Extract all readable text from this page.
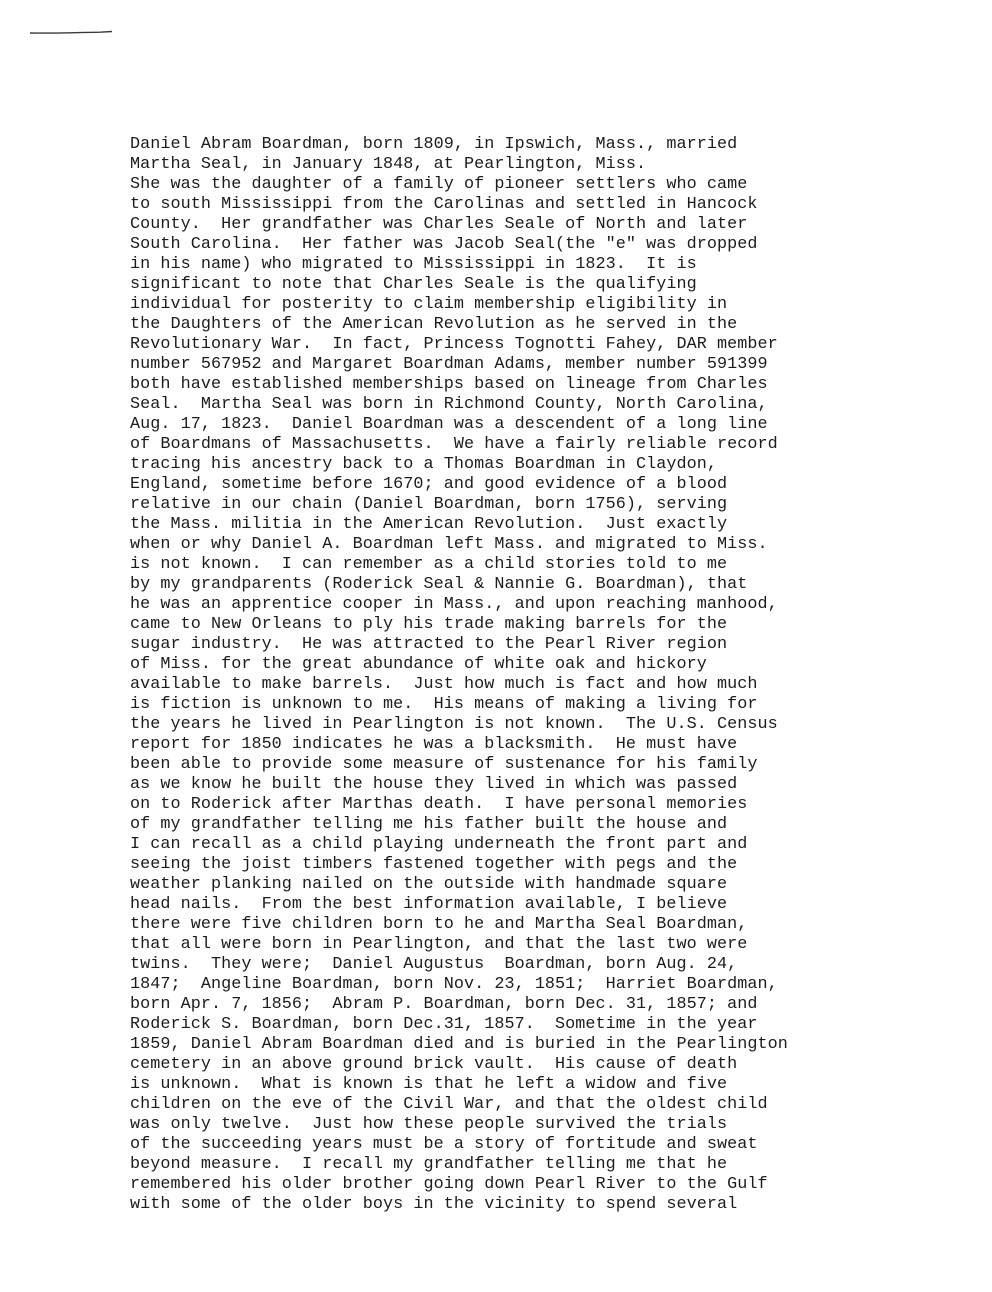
Daniel Abram Boardman, born 1809, in Ipswich, Mass., married
Martha Seal, in January 1848, at Pearlington, Miss.
She was the daughter of a family of pioneer settlers who came
to south Mississippi from the Carolinas and settled in Hancock
County.  Her grandfather was Charles Seale of North and later
South Carolina.  Her father was Jacob Seal(the "e" was dropped
in his name) who migrated to Mississippi in 1823.  It is
significant to note that Charles Seale is the qualifying
individual for posterity to claim membership eligibility in
the Daughters of the American Revolution as he served in the
Revolutionary War.  In fact, Princess Tognotti Fahey, DAR member
number 567952 and Margaret Boardman Adams, member number 591399
both have established memberships based on lineage from Charles
Seal.  Martha Seal was born in Richmond County, North Carolina,
Aug. 17, 1823.  Daniel Boardman was a descendent of a long line
of Boardmans of Massachusetts.  We have a fairly reliable record
tracing his ancestry back to a Thomas Boardman in Claydon,
England, sometime before 1670; and good evidence of a blood
relative in our chain (Daniel Boardman, born 1756), serving
the Mass. militia in the American Revolution.  Just exactly
when or why Daniel A. Boardman left Mass. and migrated to Miss.
is not known.  I can remember as a child stories told to me
by my grandparents (Roderick Seal & Nannie G. Boardman), that
he was an apprentice cooper in Mass., and upon reaching manhood,
came to New Orleans to ply his trade making barrels for the
sugar industry.  He was attracted to the Pearl River region
of Miss. for the great abundance of white oak and hickory
available to make barrels.  Just how much is fact and how much
is fiction is unknown to me.  His means of making a living for
the years he lived in Pearlington is not known.  The U.S. Census
report for 1850 indicates he was a blacksmith.  He must have
been able to provide some measure of sustenance for his family
as we know he built the house they lived in which was passed
on to Roderick after Marthas death.  I have personal memories
of my grandfather telling me his father built the house and
I can recall as a child playing underneath the front part and
seeing the joist timbers fastened together with pegs and the
weather planking nailed on the outside with handmade square
head nails.  From the best information available, I believe
there were five children born to he and Martha Seal Boardman,
that all were born in Pearlington, and that the last two were
twins.  They were;  Daniel Augustus  Boardman, born Aug. 24,
1847;  Angeline Boardman, born Nov. 23, 1851;  Harriet Boardman,
born Apr. 7, 1856;  Abram P. Boardman, born Dec. 31, 1857; and
Roderick S. Boardman, born Dec.31, 1857.  Sometime in the year
1859, Daniel Abram Boardman died and is buried in the Pearlington
cemetery in an above ground brick vault.  His cause of death
is unknown.  What is known is that he left a widow and five
children on the eve of the Civil War, and that the oldest child
was only twelve.  Just how these people survived the trials
of the succeeding years must be a story of fortitude and sweat
beyond measure.  I recall my grandfather telling me that he
remembered his older brother going down Pearl River to the Gulf
with some of the older boys in the vicinity to spend several
